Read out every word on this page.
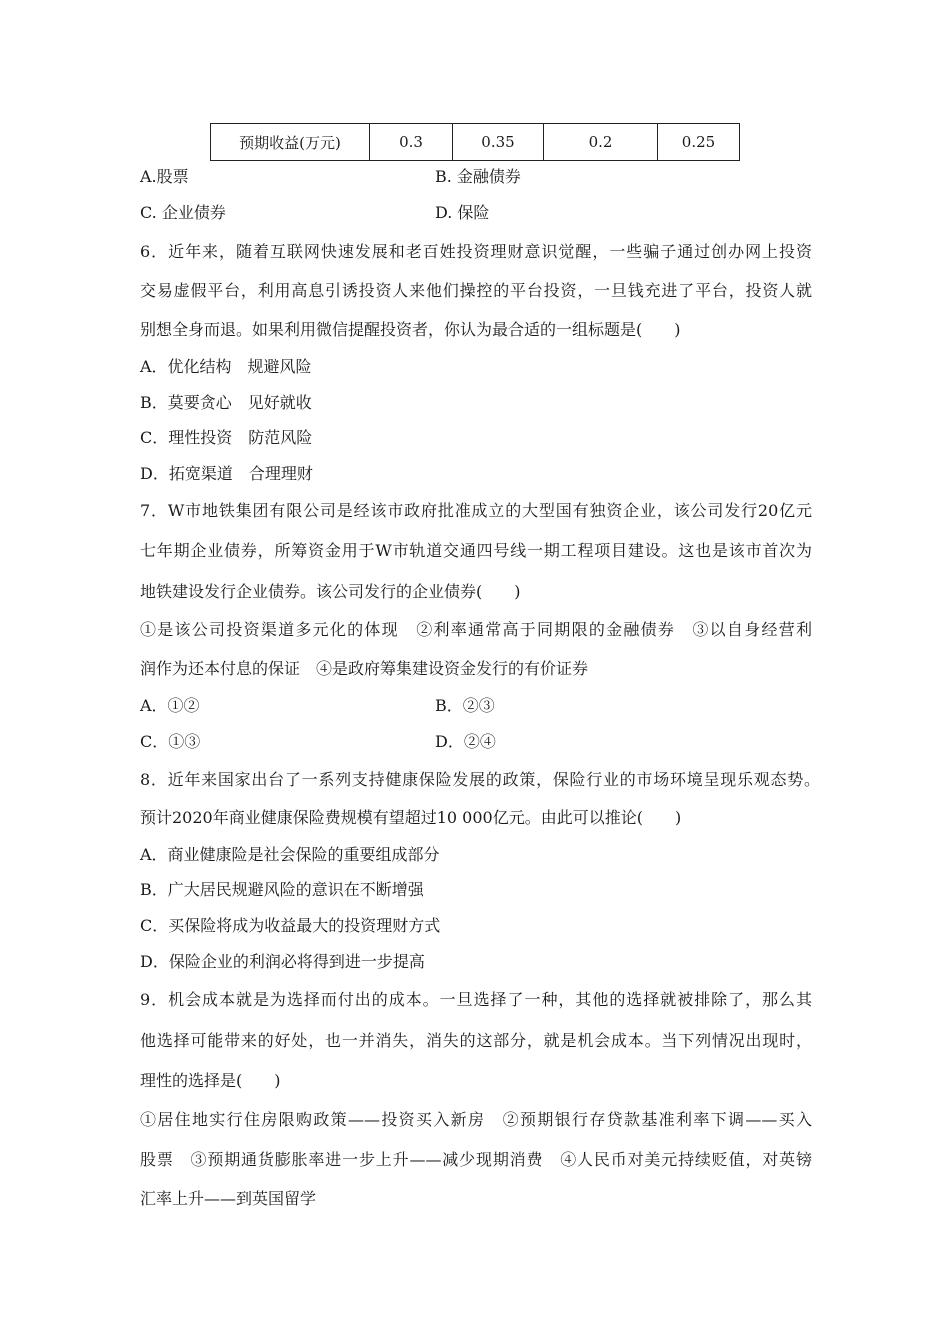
预期收益(万元)	0.3	0.35	0.2	0.25
A.股票	B. 金融债券
C. 企业债券	D. 保险
6．近年来，随着互联网快速发展和老百姓投资理财意识觉醒，一些骗子通过创办网上投资
交易虚假平台，利用高息引诱投资人来他们操控的平台投资，一旦钱充进了平台，投资人就
别想全身而退。如果利用微信提醒投资者，你认为最合适的一组标题是(　　)
A．优化结构　规避风险
B．莫要贪心　见好就收
C．理性投资　防范风险
D．拓宽渠道　合理理财
7．W市地铁集团有限公司是经该市政府批准成立的大型国有独资企业，该公司发行20亿元
七年期企业债券，所筹资金用于W市轨道交通四号线一期工程项目建设。这也是该市首次为
地铁建设发行企业债券。该公司发行的企业债券(　　)
①是该公司投资渠道多元化的体现　②利率通常高于同期限的金融债券　③以自身经营利
润作为还本付息的保证　④是政府筹集建设资金发行的有价证券
A．①②	B．②③
C．①③	D．②④
8．近年来国家出台了一系列支持健康保险发展的政策，保险行业的市场环境呈现乐观态势。
预计2020年商业健康保险费规模有望超过10 000亿元。由此可以推论(　　)
A．商业健康险是社会保险的重要组成部分
B．广大居民规避风险的意识在不断增强
C．买保险将成为收益最大的投资理财方式
D．保险企业的利润必将得到进一步提高
9．机会成本就是为选择而付出的成本。一旦选择了一种，其他的选择就被排除了，那么其
他选择可能带来的好处，也一并消失，消失的这部分，就是机会成本。当下列情况出现时，
理性的选择是(　　)
①居住地实行住房限购政策——投资买入新房　②预期银行存贷款基准利率下调——买入
股票　③预期通货膨胀率进一步上升——减少现期消费　④人民币对美元持续贬值，对英镑
汇率上升——到英国留学
